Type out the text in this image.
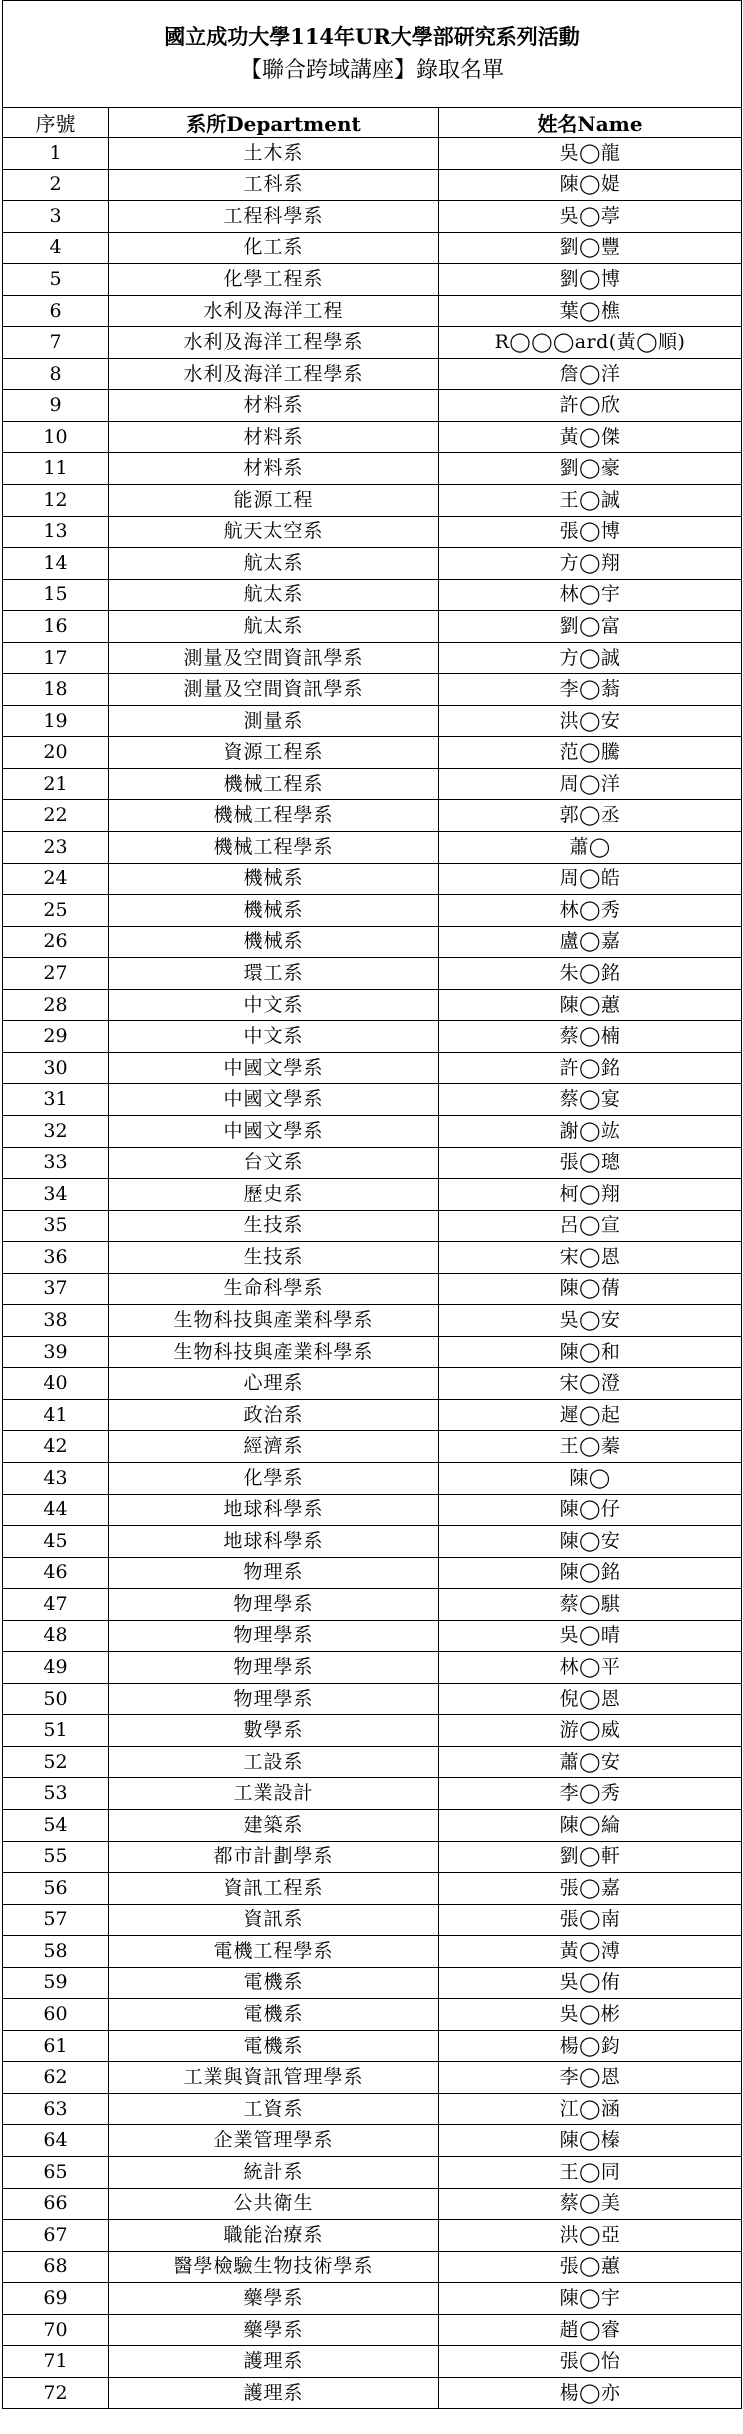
國立成功大學114年UR大學部研究系列活動
【聯合跨域講座】錄取名單		

序號	系所Department	姓名Name
1	土木系	吳◯龍
2	工科系	陳◯媞
3	工程科學系	吳◯葶
4	化工系	劉◯豐
5	化學工程系	劉◯博
6	水利及海洋工程	葉◯樵
7	水利及海洋工程學系	R◯◯◯ard(黃◯順)
8	水利及海洋工程學系	詹◯洋
9	材料系	許◯欣
10	材料系	黃◯傑
11	材料系	劉◯豪
12	能源工程	王◯誠
13	航天太空系	張◯博
14	航太系	方◯翔
15	航太系	林◯宇
16	航太系	劉◯富
17	測量及空間資訊學系	方◯誠
18	測量及空間資訊學系	李◯蓊
19	測量系	洪◯安
20	資源工程系	范◯騰
21	機械工程系	周◯洋
22	機械工程學系	郭◯丞
23	機械工程學系	蕭◯
24	機械系	周◯皓
25	機械系	林◯秀
26	機械系	盧◯嘉
27	環工系	朱◯銘
28	中文系	陳◯蕙
29	中文系	蔡◯楠
30	中國文學系	許◯銘
31	中國文學系	蔡◯宴
32	中國文學系	謝◯竑
33	台文系	張◯璁
34	歷史系	柯◯翔
35	生技系	呂◯宣
36	生技系	宋◯恩
37	生命科學系	陳◯蒨
38	生物科技與產業科學系	吳◯安
39	生物科技與產業科學系	陳◯和
40	心理系	宋◯澄
41	政治系	遲◯起
42	經濟系	王◯蓁
43	化學系	陳◯
44	地球科學系	陳◯仔
45	地球科學系	陳◯安
46	物理系	陳◯銘
47	物理學系	蔡◯騏
48	物理學系	吳◯晴
49	物理學系	林◯平
50	物理學系	倪◯恩
51	數學系	游◯威
52	工設系	蕭◯安
53	工業設計	李◯秀
54	建築系	陳◯綸
55	都市計劃學系	劉◯軒
56	資訊工程系	張◯嘉
57	資訊系	張◯南
58	電機工程學系	黃◯溥
59	電機系	吳◯侑
60	電機系	吳◯彬
61	電機系	楊◯鈞
62	工業與資訊管理學系	李◯恩
63	工資系	江◯涵
64	企業管理學系	陳◯榛
65	統計系	王◯同
66	公共衛生	蔡◯美
67	職能治療系	洪◯亞
68	醫學檢驗生物技術學系	張◯蕙
69	藥學系	陳◯宇
70	藥學系	趙◯睿
71	護理系	張◯怡
72	護理系	楊◯亦
